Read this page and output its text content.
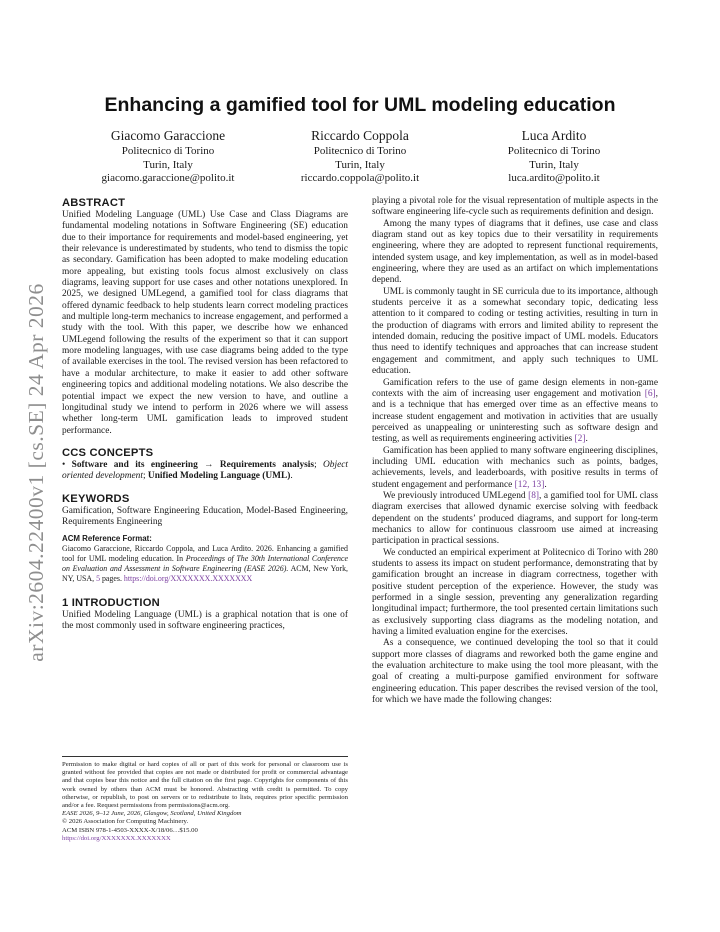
arXiv:2604.22400v1 [cs.SE] 24 Apr 2026
Enhancing a gamified tool for UML modeling education
Giacomo Garaccione
Politecnico di Torino
Turin, Italy
giacomo.garaccione@polito.it
Riccardo Coppola
Politecnico di Torino
Turin, Italy
riccardo.coppola@polito.it
Luca Ardito
Politecnico di Torino
Turin, Italy
luca.ardito@polito.it
ABSTRACT

Unified Modeling Language (UML) Use Case and Class Diagrams are fundamental modeling notations in Software Engineering (SE) education due to their importance for requirements and model-based engineering, yet their relevance is underestimated by students, who tend to dismiss the topic as secondary. Gamification has been adopted to make modeling education more appealing, but existing tools focus almost exclusively on class diagrams, leaving support for use cases and other notations unexplored. In 2025, we designed UMLegend, a gamified tool for class diagrams that offered dynamic feedback to help students learn correct modeling practices and multiple long-term mechanics to increase engagement, and performed a study with the tool. With this paper, we describe how we enhanced UMLegend following the results of the experiment so that it can support more modeling languages, with use case diagrams being added to the type of available exercises in the tool. The revised version has been refactored to have a modular architecture, to make it easier to add other software engineering topics and additional modeling notations. We also describe the potential impact we expect the new version to have, and outline a longitudinal study we intend to perform in 2026 where we will assess whether long-term UML gamification leads to improved student performance.

CCS CONCEPTS

• Software and its engineering → Requirements analysis; Object oriented development; Unified Modeling Language (UML).

KEYWORDS

Gamification, Software Engineering Education, Model-Based Engineering, Requirements Engineering

ACM Reference Format:

Giacomo Garaccione, Riccardo Coppola, and Luca Ardito. 2026. Enhancing a gamified tool for UML modeling education. In Proceedings of The 30th International Conference on Evaluation and Assessment in Software Engineering (EASE 2026). ACM, New York, NY, USA, 5 pages. https://doi.org/XXXXXXX.XXXXXXX

1 INTRODUCTION

Unified Modeling Language (UML) is a graphical notation that is one of the most commonly used in software engineering practices,

Permission to make digital or hard copies of all or part of this work for personal or classroom use is granted without fee provided that copies are not made or distributed for profit or commercial advantage and that copies bear this notice and the full citation on the first page. Copyrights for components of this work owned by others than ACM must be honored. Abstracting with credit is permitted. To copy otherwise, or republish, to post on servers or to redistribute to lists, requires prior specific permission and/or a fee. Request permissions from permissions@acm.org.

EASE 2026, 9–12 June, 2026, Glasgow, Scotland, United Kingdom

© 2026 Association for Computing Machinery.

ACM ISBN 978-1-4503-XXXX-X/18/06…$15.00

https://doi.org/XXXXXXX.XXXXXXX

playing a pivotal role for the visual representation of multiple aspects in the software engineering life-cycle such as requirements definition and design.

Among the many types of diagrams that it defines, use case and class diagram stand out as key topics due to their versatility in requirements engineering, where they are adopted to represent functional requirements, intended system usage, and key implementation, as well as in model-based engineering, where they are used as an artifact on which implementations depend.

UML is commonly taught in SE curricula due to its importance, although students perceive it as a somewhat secondary topic, dedicating less attention to it compared to coding or testing activities, resulting in turn in the production of diagrams with errors and limited ability to represent the intended domain, reducing the positive impact of UML models. Educators thus need to identify techniques and approaches that can increase student engagement and commitment, and apply such techniques to UML education.

Gamification refers to the use of game design elements in non-game contexts with the aim of increasing user engagement and motivation [6], and is a technique that has emerged over time as an effective means to increase student engagement and motivation in activities that are usually perceived as unappealing or uninteresting such as software design and testing, as well as requirements engineering activities [2].

Gamification has been applied to many software engineering disciplines, including UML education with mechanics such as points, badges, achievements, levels, and leaderboards, with positive results in terms of student engagement and performance [12, 13].

We previously introduced UMLegend [8], a gamified tool for UML class diagram exercises that allowed dynamic exercise solving with feedback dependent on the students’ produced diagrams, and support for long-term mechanics to allow for continuous classroom use aimed at increasing participation in practical sessions.

We conducted an empirical experiment at Politecnico di Torino with 280 students to assess its impact on student performance, demonstrating that by gamification brought an increase in diagram correctness, together with positive student perception of the experience. However, the study was performed in a single session, preventing any generalization regarding longitudinal impact; furthermore, the tool presented certain limitations such as exclusively supporting class diagrams as the modeling notation, and having a limited evaluation engine for the exercises.

As a consequence, we continued developing the tool so that it could support more classes of diagrams and reworked both the game engine and the evaluation architecture to make using the tool more pleasant, with the goal of creating a multi-purpose gamified environment for software engineering education. This paper describes the revised version of the tool, for which we have made the following changes:
